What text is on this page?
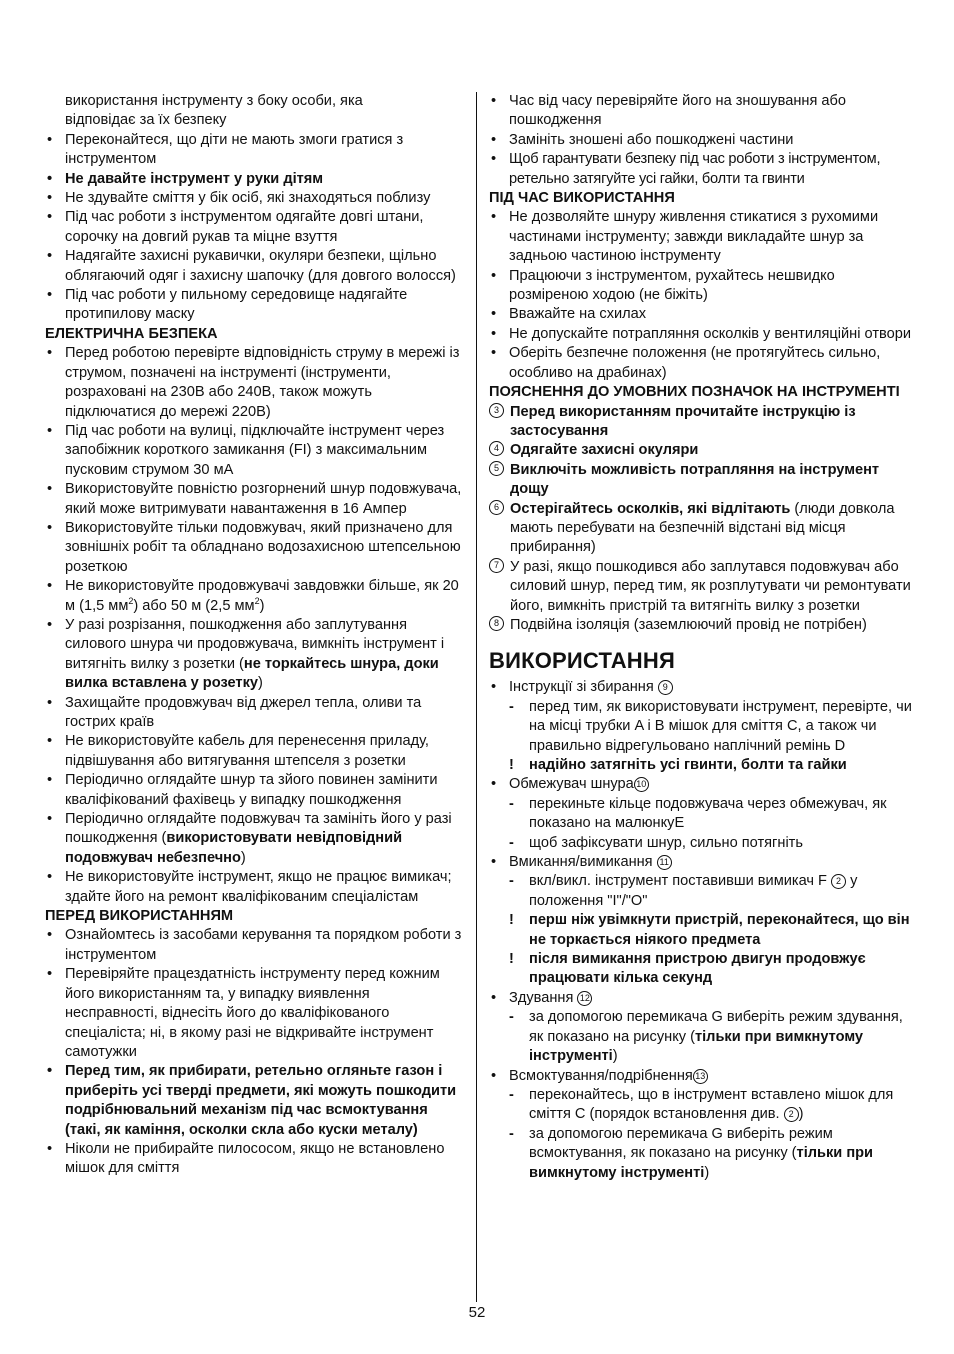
використання інструменту з боку особи, яка
відповідає за їх безпеку

• Переконайтеся, що діти не мають змоги гратися з інструментом

• Не давайте інструмент у руки дітям

• Не здувайте сміття у бік осіб, які знаходяться поблизу

• Під час роботи з інструментом одягайте довгі штани, сорочку на довгий рукав та міцне взуття

• Надягайте захисні рукавички, окуляри безпеки, щільно облягаючий одяг і захисну шапочку (для довгого волосся)

• Під час роботи у пильному середовище надягайте протипилову маску

ЕЛЕКТРИЧНА БЕЗПЕКА

• Перед роботою перевірте відповідність струму в мережі із струмом, позначені на інструменті (інструменти, розраховані на 230В або 240В, також можуть підключатися до мережі 220В)

• Під час роботи на вулиці, підключайте інструмент через запобіжник короткого замикання (FI) з максимальним пусковим струмом 30 мА

• Використовуйте повністю розгорнений шнур подовжувача, який може витримувати навантаження в 16 Ампер

• Використовуйте тільки подовжувач, який призначено для зовнішніх робіт та обладнано водозахисною штепсельною розеткою

• Не використовуйте продовжувачі завдовжки більше, як 20 м (1,5 $мм^2$) або 50 м (2,5 $мм^2$)

• У разі розрізання, пошкодження або заплутування силового шнура чи продовжувача, вимкніть інструмент і витягніть вилку з розетки (не торкайтесь шнура, доки вилка вставлена у розетку)

• Захищайте продовжувач від джерел тепла, оливи та гострих країв

• Не використовуйте кабель для перенесення приладу, підвішування або витягування штепселя з розетки

• Періодично оглядайте шнур та зйого повинен замінити кваліфікований фахівець у випадку пошкодження

• Періодично оглядайте подовжувач та замініть його у разі пошкодження (використовувати невідповідний подовжувач небезпечно)

• Не використовуйте інструмент, якщо не працює вимикач; здайте його на ремонт кваліфікованим спеціалістам

ПЕРЕД ВИКОРИСТАННЯМ

• Ознайомтесь із засобами керування та порядком роботи з інструментом

• Перевіряйте працездатність інструменту перед кожним його використанням та, у випадку виявлення несправності, віднесіть його до кваліфікованого спеціаліста; ні, в якому разі не відкривайте інструмент самотужки

• Перед тим, як прибирати, ретельно огляньте газон і приберіть усі тверді предмети, які можуть пошкодити подрібнювальний механізм під час всмоктування (такі, як каміння, осколки скла або куски металу)

• Ніколи не прибирайте пилососом, якщо не встановлено мішок для сміття

• Час від часу перевіряйте його на зношування або пошкодження

• Замініть зношені або пошкоджені частини

• Щоб гарантувати безпеку під час роботи з інструментом, ретельно затягуйте усі гайки, болти та гвинти

ПІД ЧАС ВИКОРИСТАННЯ

• Не дозволяйте шнуру живлення стикатися з рухомими частинами інструменту; завжди викладайте шнур за задньою частиною інструменту

• Працюючи з інструментом, рухайтесь нешвидко розміреною ходою (не біжіть)

• Вважайте на схилах

• Не допускайте потрапляння осколків у вентиляційні отвори

• Оберіть безпечне положення (не протягуйтесь сильно, особливо на драбинах)

ПОЯСНЕННЯ ДО УМОВНИХ ПОЗНАЧОК НА ІНСТРУМЕНТІ

3 Перед використанням прочитайте інструкцію із застосування

4 Одягайте захисні окуляри

5 Виключіть можливість потрапляння на інструмент дощу

6 Остерігайтесь осколків, які відлітають (люди довкола мають перебувати на безпечній відстані від місця прибирання)

7 У разі, якщо пошкодився або заплутався подовжувач або силовий шнур, перед тим, як розплутувати чи ремонтувати його, вимкніть пристрій та витягніть вилку з розетки

8 Подвійна ізоляція (заземлюючий провід не потрібен)

ВИКОРИСТАННЯ

• Інструкції зі збирання 9

- перед тим, як використовувати інструмент, перевірте, чи на місці трубки A і B мішок для сміття C, а також чи правильно відрегульовано наплічний ремінь D

! надійно затягніть усі гвинти, болти та гайки

• Обмежувач шнура 10

- перекиньте кільце подовжувача через обмежувач, як показано на малюнкуE

- щоб зафіксувати шнур, сильно потягніть

• Вмикання/вимикання 11

- вкл/викл. інструмент поставивши вимикач F 2 у положення "I"/"O"

! перш ніж увімкнути пристрій, переконайтеся, що він не торкається ніякого предмета

! після вимикання пристрою двигун продовжує працювати кілька секунд

• Здування 12

- за допомогою перемикача G виберіть режим здування, як показано на рисунку (тільки при вимкнутому інструменті)

• Всмоктування/подрібнення 13

- переконайтесь, що в інструмент вставлено мішок для сміття C (порядок встановлення див. 2 )

- за допомогою перемикача G виберіть режим всмоктування, як показано на рисунку (тільки при вимкнутому інструменті)

52
